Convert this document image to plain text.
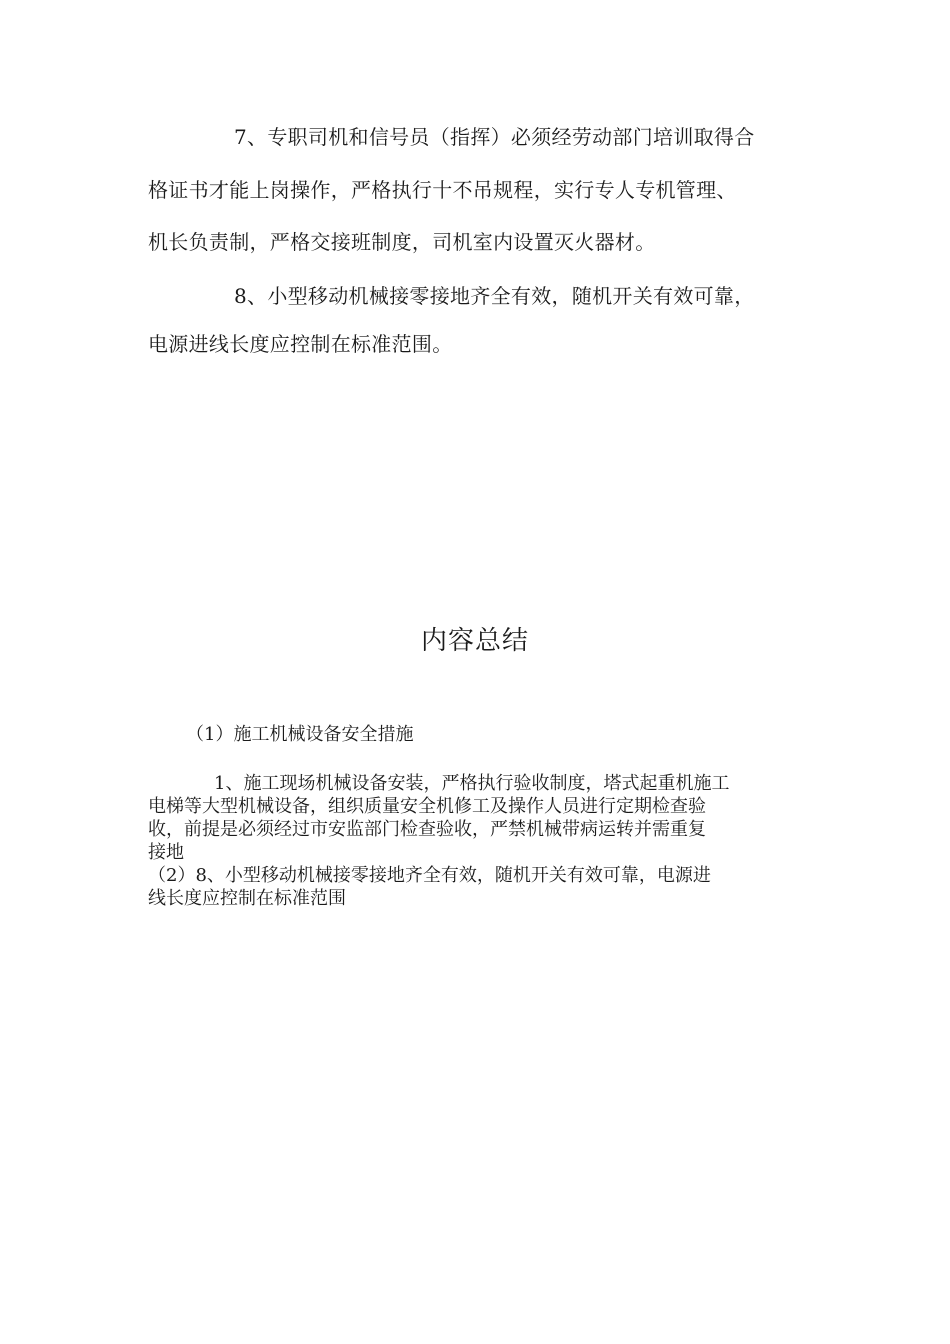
7、专职司机和信号员（指挥）必须经劳动部门培训取得合
格证书才能上岗操作，严格执行十不吊规程，实行专人专机管理、
机长负责制，严格交接班制度，司机室内设置灭火器材。
8、小型移动机械接零接地齐全有效，随机开关有效可靠，
电源进线长度应控制在标准范围。
内容总结
（1）施工机械设备安全措施
1、施工现场机械设备安装，严格执行验收制度，塔式起重机施工
电梯等大型机械设备，组织质量安全机修工及操作人员进行定期检查验
收，前提是必须经过市安监部门检查验收，严禁机械带病运转并需重复
接地
（2）8、小型移动机械接零接地齐全有效，随机开关有效可靠，电源进
线长度应控制在标准范围
